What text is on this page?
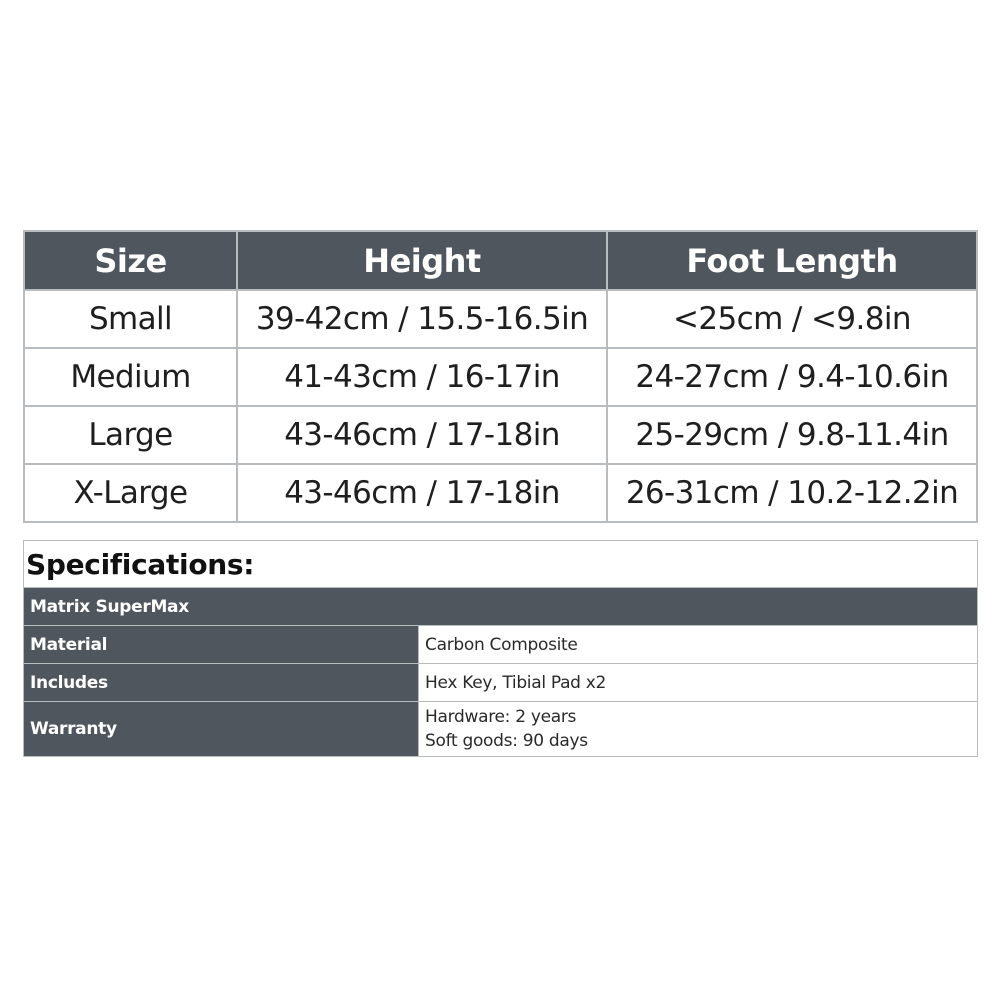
Size	Height	Foot Length
Small	39-42cm / 15.5-16.5in	<25cm / <9.8in
Medium	41-43cm / 16-17in	24-27cm / 9.4-10.6in
Large	43-46cm / 17-18in	25-29cm / 9.8-11.4in
X-Large	43-46cm / 17-18in	26-31cm / 10.2-12.2in
Specifications:	
Matrix SuperMax	
Material	Carbon Composite

Includes	Hex Key, Tibial Pad x2

Warranty	Hardware: 2 years
Soft goods: 90 days
